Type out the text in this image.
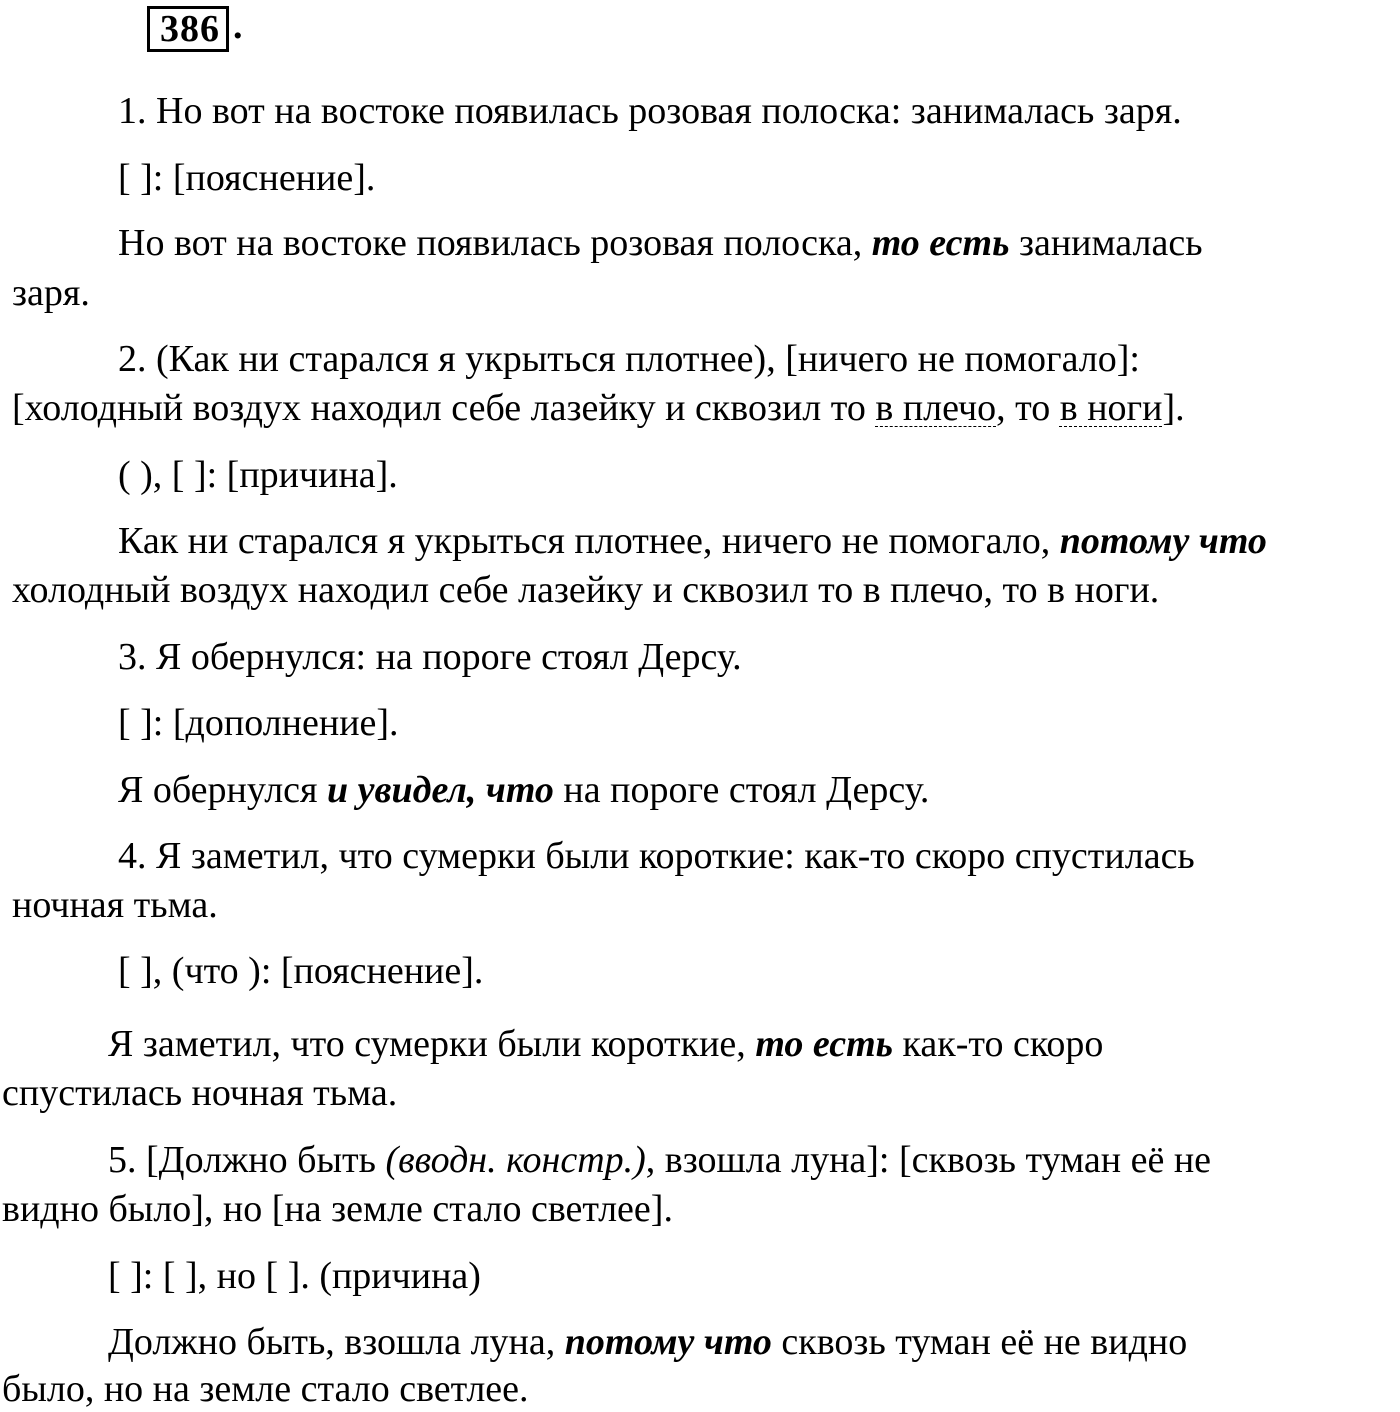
386 .
1. Но вот на востоке появилась розовая полоска: занималась заря.
[ ]: [пояснение].
Но вот на востоке появилась розовая полоска, то есть занималась
заря.
2. (Как ни старался я укрыться плотнее), [ничего не помогало]:
[холодный воздух находил себе лазейку и сквозил то в плечо, то в ноги].
( ), [ ]: [причина].
Как ни старался я укрыться плотнее, ничего не помогало, потому что
холодный воздух находил себе лазейку и сквозил то в плечо, то в ноги.
3. Я обернулся: на пороге стоял Дерсу.
[ ]: [дополнение].
Я обернулся и увидел, что на пороге стоял Дерсу.
4. Я заметил, что сумерки были короткие: как-то скоро спустилась
ночная тьма.
[ ], (что ): [пояснение].
Я заметил, что сумерки были короткие, то есть как-то скоро
спустилась ночная тьма.
5. [Должно быть (вводн. констр.), взошла луна]: [сквозь туман её не
видно было], но [на земле стало светлее].
[ ]: [ ], но [ ]. (причина)
Должно быть, взошла луна, потому что сквозь туман её не видно
было, но на земле стало светлее.
